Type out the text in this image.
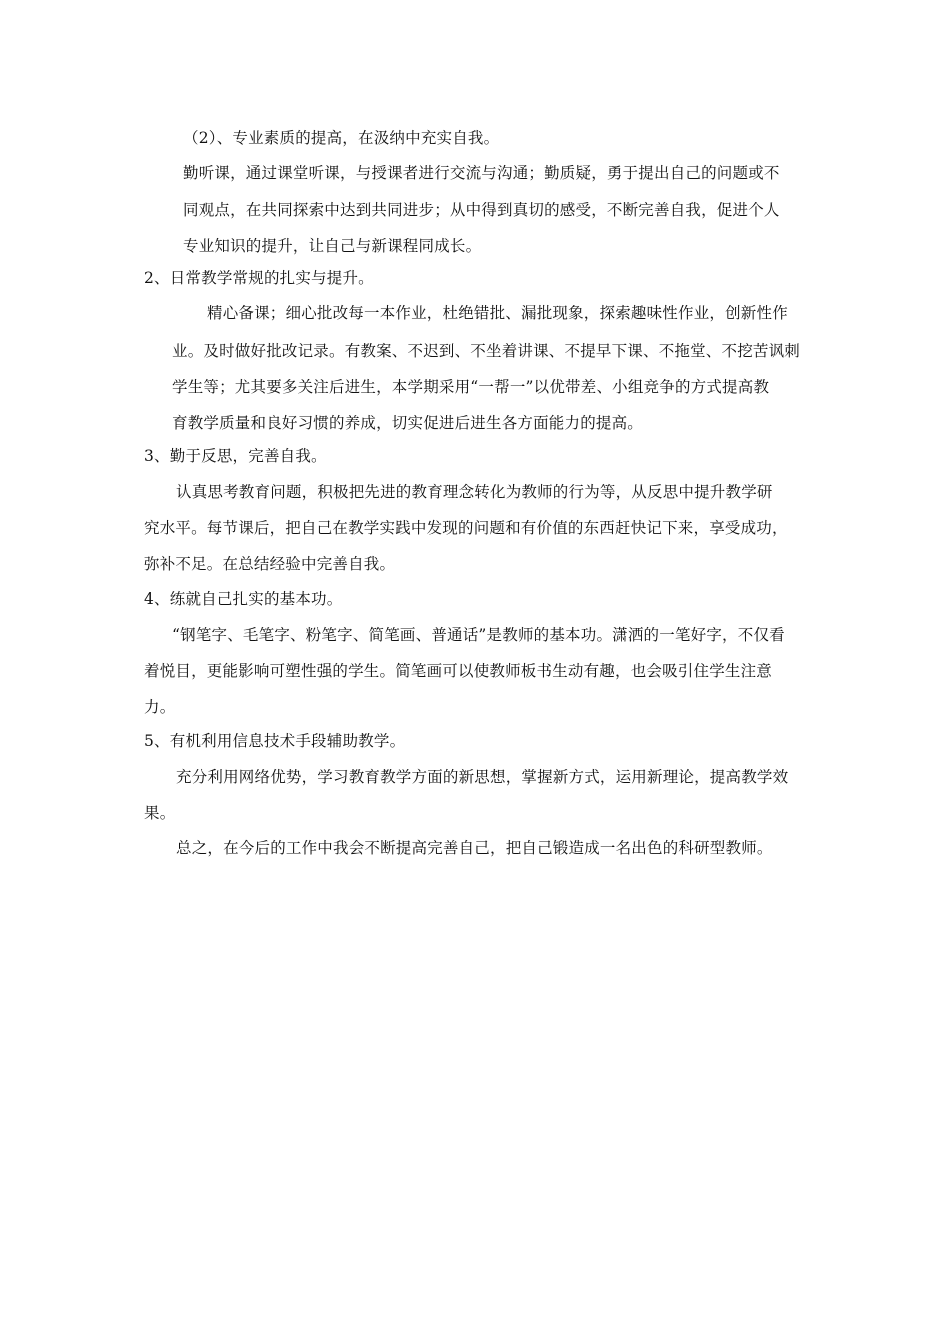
（2）、专业素质的提高，在汲纳中充实自我。
勤听课，通过课堂听课，与授课者进行交流与沟通；勤质疑，勇于提出自己的问题或不
同观点，在共同探索中达到共同进步；从中得到真切的感受，不断完善自我，促进个人
专业知识的提升，让自己与新课程同成长。
2、日常教学常规的扎实与提升。
精心备课；细心批改每一本作业，杜绝错批、漏批现象，探索趣味性作业，创新性作
业。及时做好批改记录。有教案、不迟到、不坐着讲课、不提早下课、不拖堂、不挖苦讽刺
学生等；尤其要多关注后进生，本学期采用“一帮一”以优带差、小组竞争的方式提高教
育教学质量和良好习惯的养成，切实促进后进生各方面能力的提高。
3、勤于反思，完善自我。
认真思考教育问题，积极把先进的教育理念转化为教师的行为等，从反思中提升教学研
究水平。每节课后，把自己在教学实践中发现的问题和有价值的东西赶快记下来，享受成功，
弥补不足。在总结经验中完善自我。
4、练就自己扎实的基本功。
“钢笔字、毛笔字、粉笔字、简笔画、普通话”是教师的基本功。潇洒的一笔好字，不仅看
着悦目，更能影响可塑性强的学生。简笔画可以使教师板书生动有趣，也会吸引住学生注意
力。
5、有机利用信息技术手段辅助教学。
充分利用网络优势，学习教育教学方面的新思想，掌握新方式，运用新理论，提高教学效
果。
总之，在今后的工作中我会不断提高完善自己，把自己锻造成一名出色的科研型教师。
